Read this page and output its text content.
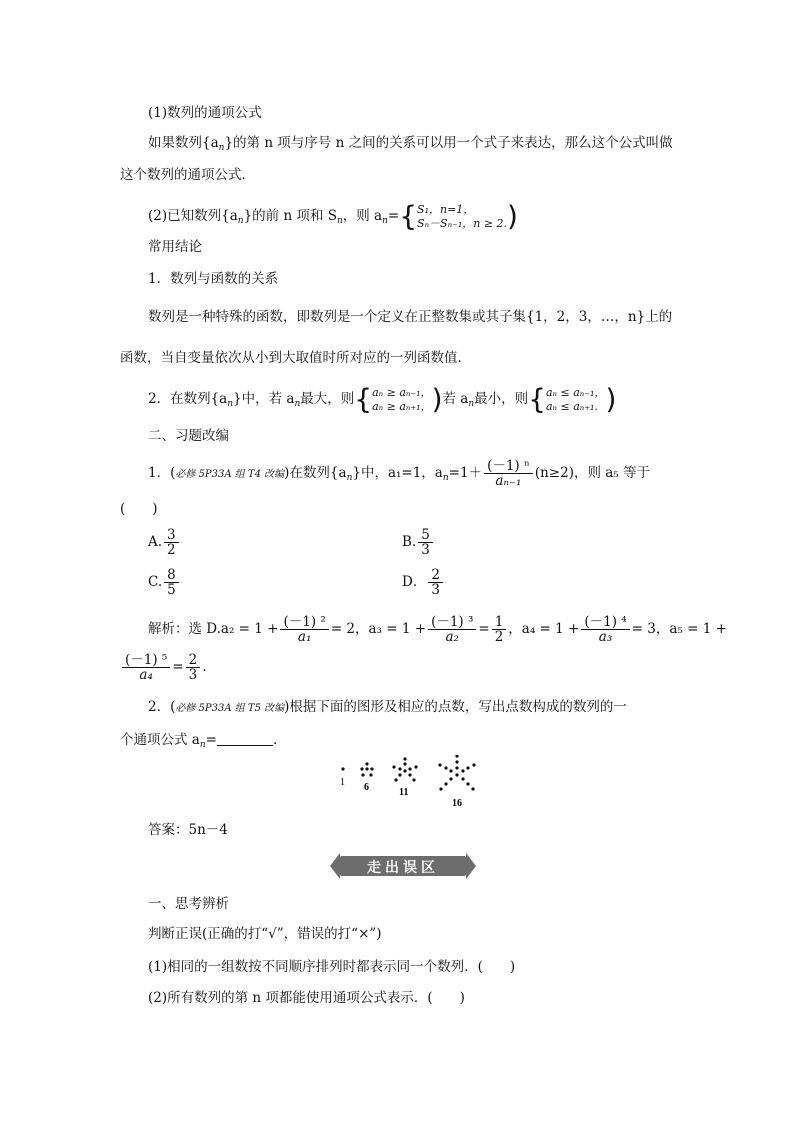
(1)数列的通项公式
如果数列$\{a_n\}$的第 n 项与序号 n 之间的关系可以用一个式子来表达，那么这个公式叫做
这个数列的通项公式．
(2)已知数列$\{a_n\}$的前 n 项和 $S_n$，则 $a_n=\{S_1$，n=1，
Sₙ－Sₙ₋₁，n ≥ 2.)
常用结论
1．数列与函数的关系
数列是一种特殊的函数，即数列是一个定义在正整数集或其子集{1，2，3，…，n}上的
函数，当自变量依次从小到大取值时所对应的一列函数值．
2．在数列$\{a_n\}$中，若 $a_n$最大，则{aₙ ≥ aₙ₋₁，
aₙ ≥ aₙ₊₁，)若 $a_n$最小，则{aₙ ≤ aₙ₋₁，
aₙ ≤ aₙ₊₁. )
二、习题改编
1．(必修 5P33A 组 T4 改编)在数列$\{a_n\}$中，a₁=1，$a_n=1+ \frac{\text{(－1) ⁿ}}{\text{aₙ₋₁}} (n\ge 2)$，则 a₅ 等于
(　　)
A. $\frac{3}{2}$	B. $\frac{5}{3}$
C. $\frac{8}{5}$	D． $\frac{2}{3}$
解析：选 $D.a_2 = 1 + \frac{\text{(－1) ²}}{\text{a₁}} = 2$，$a_3 = 1 + \frac{\text{(－1) ³}}{\text{a₂}} = \frac{1}{2}$ ，$a_4 = 1 + \frac{\text{(－1) ⁴}}{\text{a₃}} = 3$，a₅ = 1 +
$\frac{\text{(－1) ⁵}}{\text{a₄}} = \frac{2}{3}$ .
2．(必修 5P33A 组 T5 改编)根据下面的图形及相应的点数，写出点数构成的数列的一
个通项公式 $a_n=$	.
1 6	11
16
答案：5n－4
走出误区
一、思考辨析
判断正误(正确的打“√”，错误的打“×”)
(1)相同的一组数按不同顺序排列时都表示同一个数列．(　　)
(2)所有数列的第 n 项都能使用通项公式表示．(　　)
